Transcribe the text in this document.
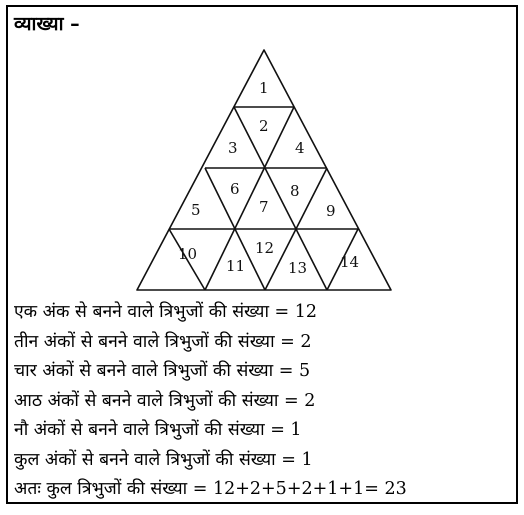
व्याख्या –
1
2
3	4
5
6
7
8
9
10
11
12
13 14
एक अंक से बनने वाले त्रिभुजों की संख्या = 12
तीन अंकों से बनने वाले त्रिभुजों की संख्या = 2
चार अंकों से बनने वाले त्रिभुजों की संख्या = 5
आठ अंकों से बनने वाले त्रिभुजों की संख्या = 2
नौ अंकों से बनने वाले त्रिभुजों की संख्या = 1
कुल अंकों से बनने वाले त्रिभुजों की संख्या = 1
अतः कुल त्रिभुजों की संख्या = 12+2+5+2+1+1= 23
